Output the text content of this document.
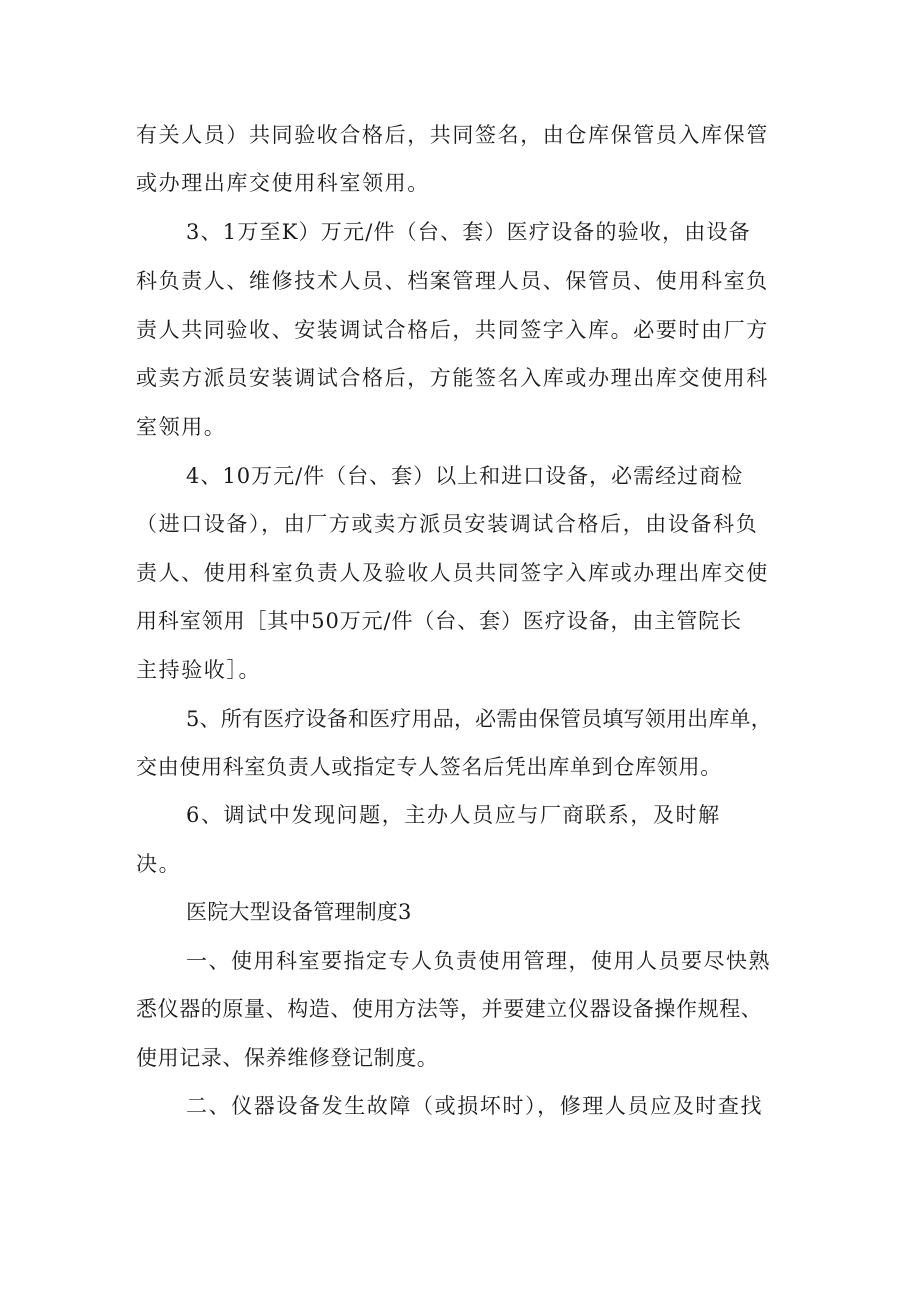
有关人员）共同验收合格后，共同签名，由仓库保管员入库保管
或办理出库交使用科室领用。
3、1万至K）万元/件（台、套）医疗设备的验收，由设备
科负责人、维修技术人员、档案管理人员、保管员、使用科室负
责人共同验收、安装调试合格后，共同签字入库。必要时由厂方
或卖方派员安装调试合格后，方能签名入库或办理出库交使用科
室领用。
4、10万元/件（台、套）以上和进口设备，必需经过商检
（进口设备），由厂方或卖方派员安装调试合格后，由设备科负
责人、使用科室负责人及验收人员共同签字入库或办理出库交使
用科室领用［其中50万元/件（台、套）医疗设备，由主管院长
主持验收］。
5、所有医疗设备和医疗用品，必需由保管员填写领用出库单，
交由使用科室负责人或指定专人签名后凭出库单到仓库领用。
6、调试中发现问题，主办人员应与厂商联系，及时解
决。
医院大型设备管理制度3
一、使用科室要指定专人负责使用管理，使用人员要尽快熟
悉仪器的原量、构造、使用方法等，并要建立仪器设备操作规程、
使用记录、保养维修登记制度。
二、仪器设备发生故障（或损坏时），修理人员应及时查找
